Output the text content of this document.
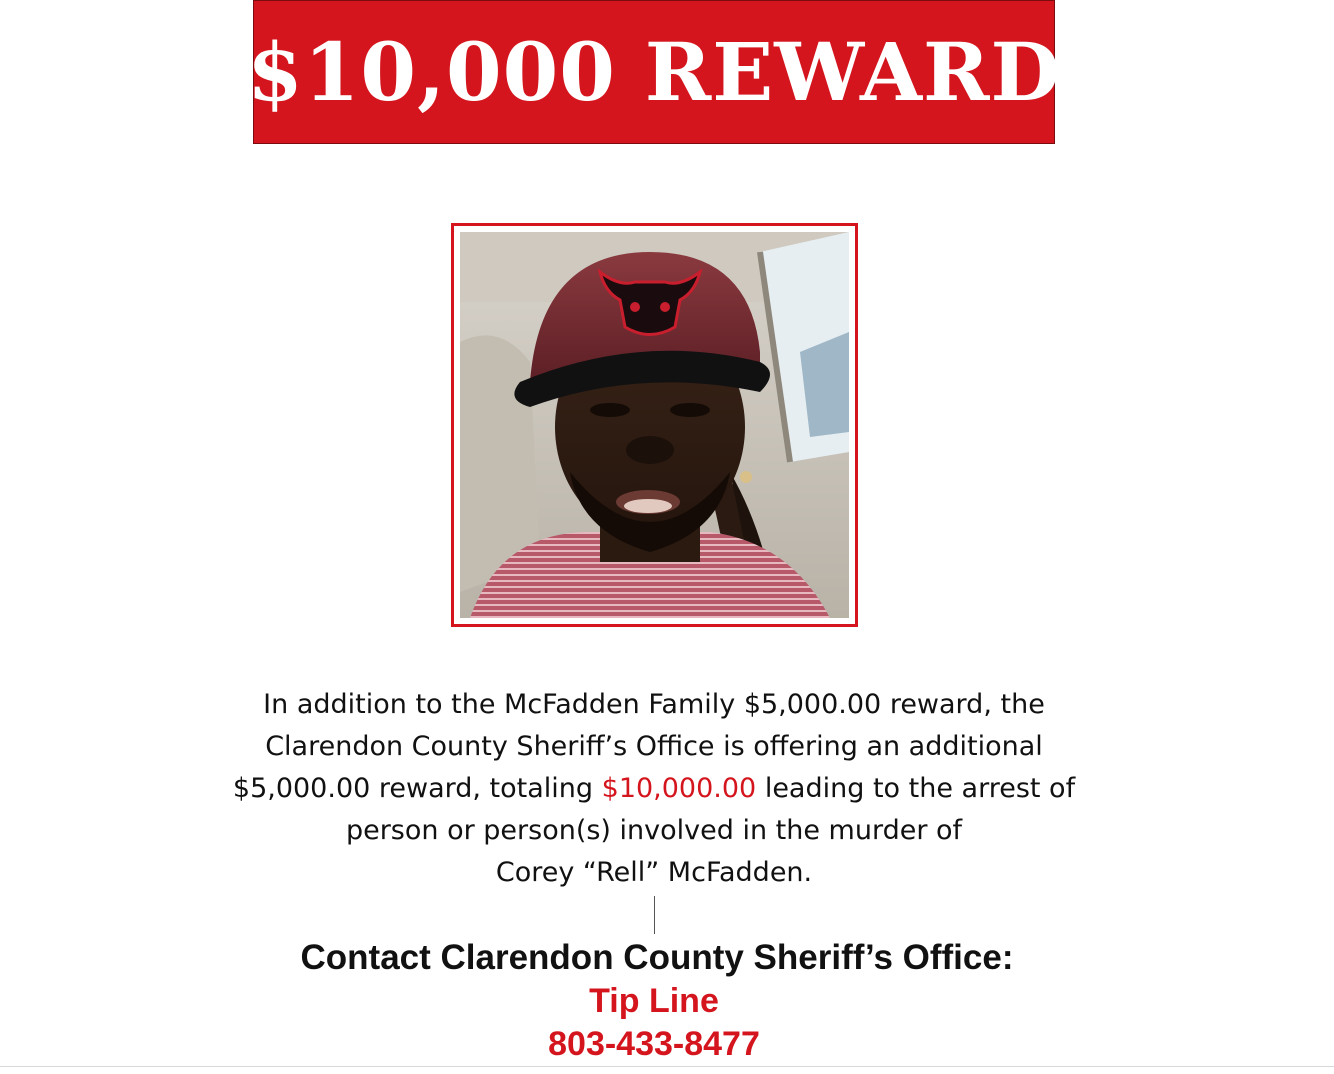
$10,000 REWARD
In addition to the McFadden Family $5,000.00 reward, the
Clarendon County Sheriff’s Office is offering an additional
$5,000.00 reward, totaling $10,000.00 leading to the arrest of
person or person(s) involved in the murder of
Corey “Rell” McFadden.
Contact Clarendon County Sheriff’s Office:
Tip Line
803-433-8477
